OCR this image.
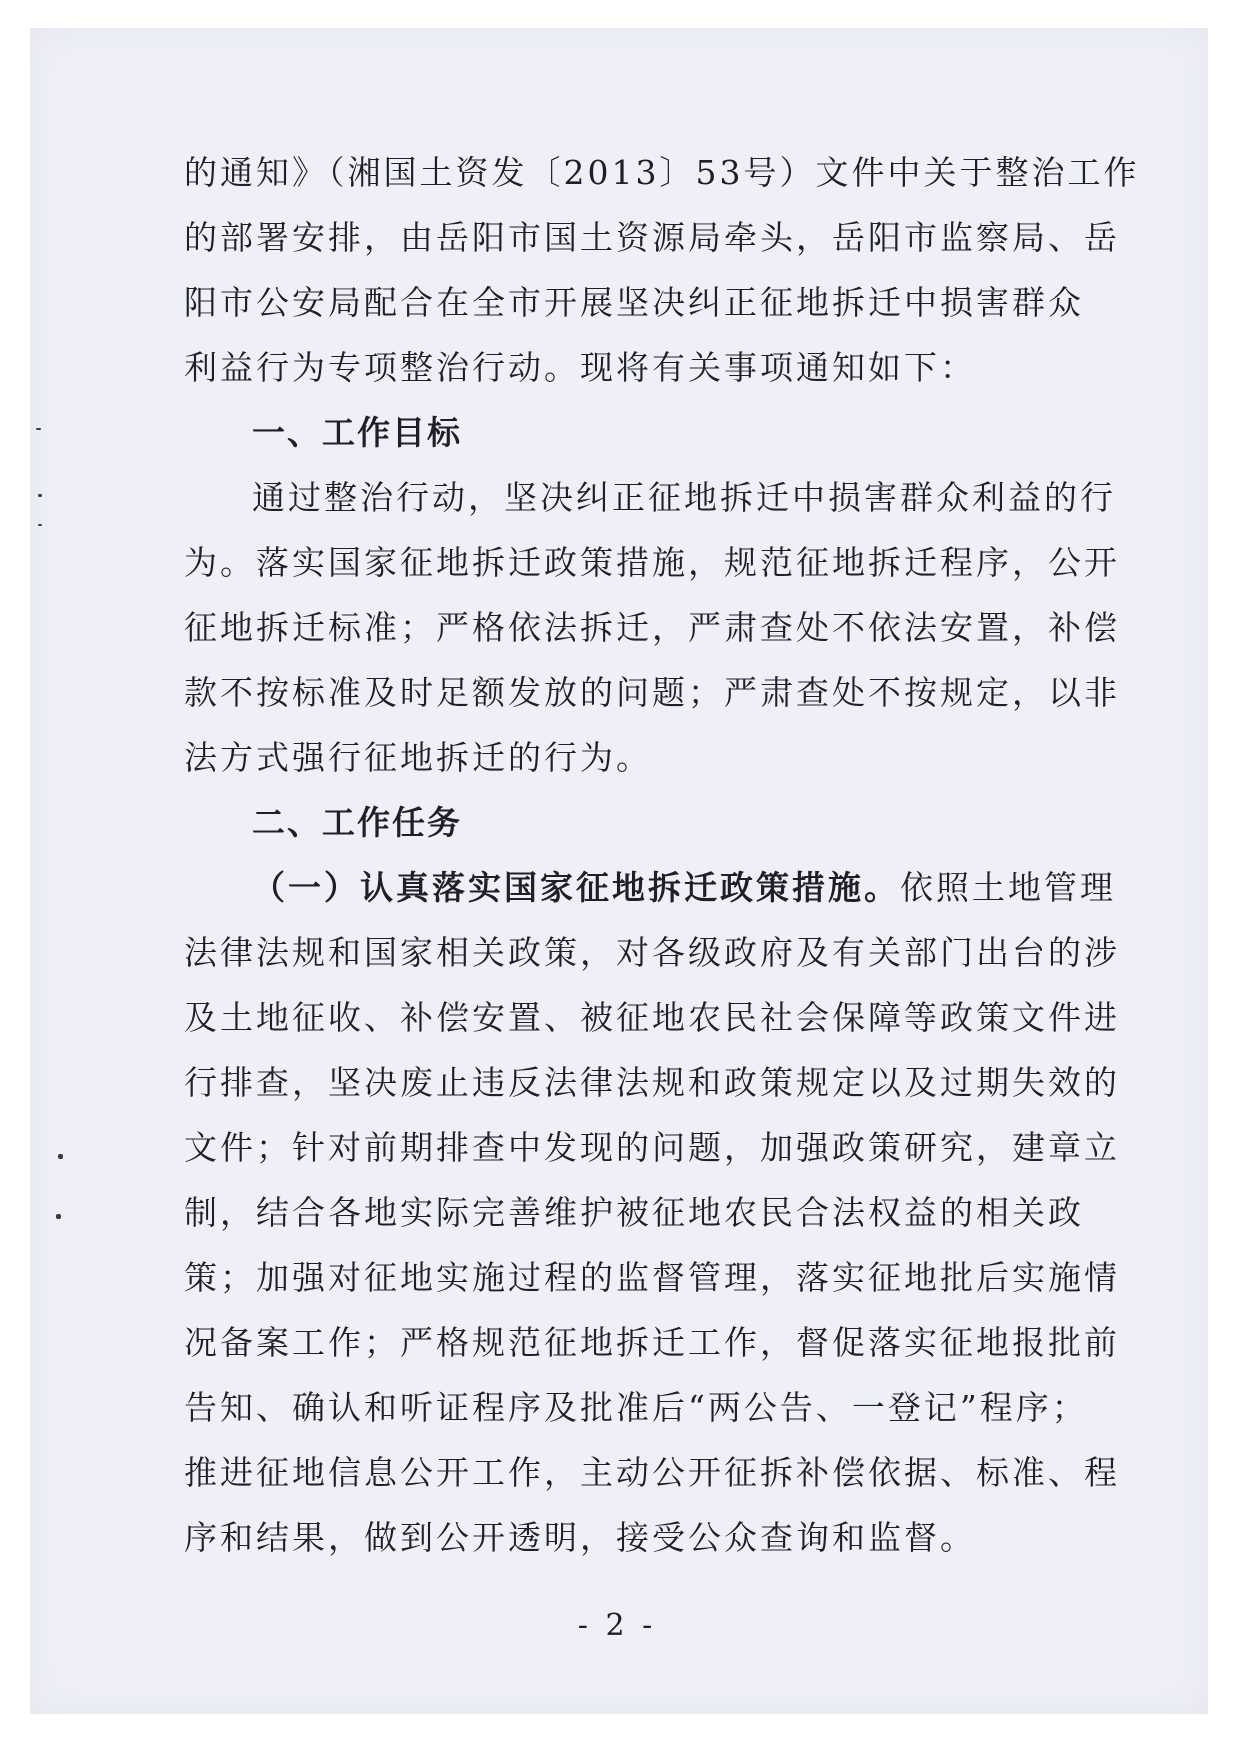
的通知》（湘国土资发〔2013〕53号）文件中关于整治工作
的部署安排，由岳阳市国土资源局牵头，岳阳市监察局、岳
阳市公安局配合在全市开展坚决纠正征地拆迁中损害群众
利益行为专项整治行动。现将有关事项通知如下：
一、工作目标
通过整治行动，坚决纠正征地拆迁中损害群众利益的行
为。落实国家征地拆迁政策措施，规范征地拆迁程序，公开
征地拆迁标准；严格依法拆迁，严肃查处不依法安置，补偿
款不按标准及时足额发放的问题；严肃查处不按规定，以非
法方式强行征地拆迁的行为。
二、工作任务
（一）认真落实国家征地拆迁政策措施。依照土地管理
法律法规和国家相关政策，对各级政府及有关部门出台的涉
及土地征收、补偿安置、被征地农民社会保障等政策文件进
行排查，坚决废止违反法律法规和政策规定以及过期失效的
文件；针对前期排查中发现的问题，加强政策研究，建章立
制，结合各地实际完善维护被征地农民合法权益的相关政
策；加强对征地实施过程的监督管理，落实征地批后实施情
况备案工作；严格规范征地拆迁工作，督促落实征地报批前
告知、确认和听证程序及批准后“两公告、一登记”程序；
推进征地信息公开工作，主动公开征拆补偿依据、标准、程
序和结果，做到公开透明，接受公众查询和监督。
- 2 -
